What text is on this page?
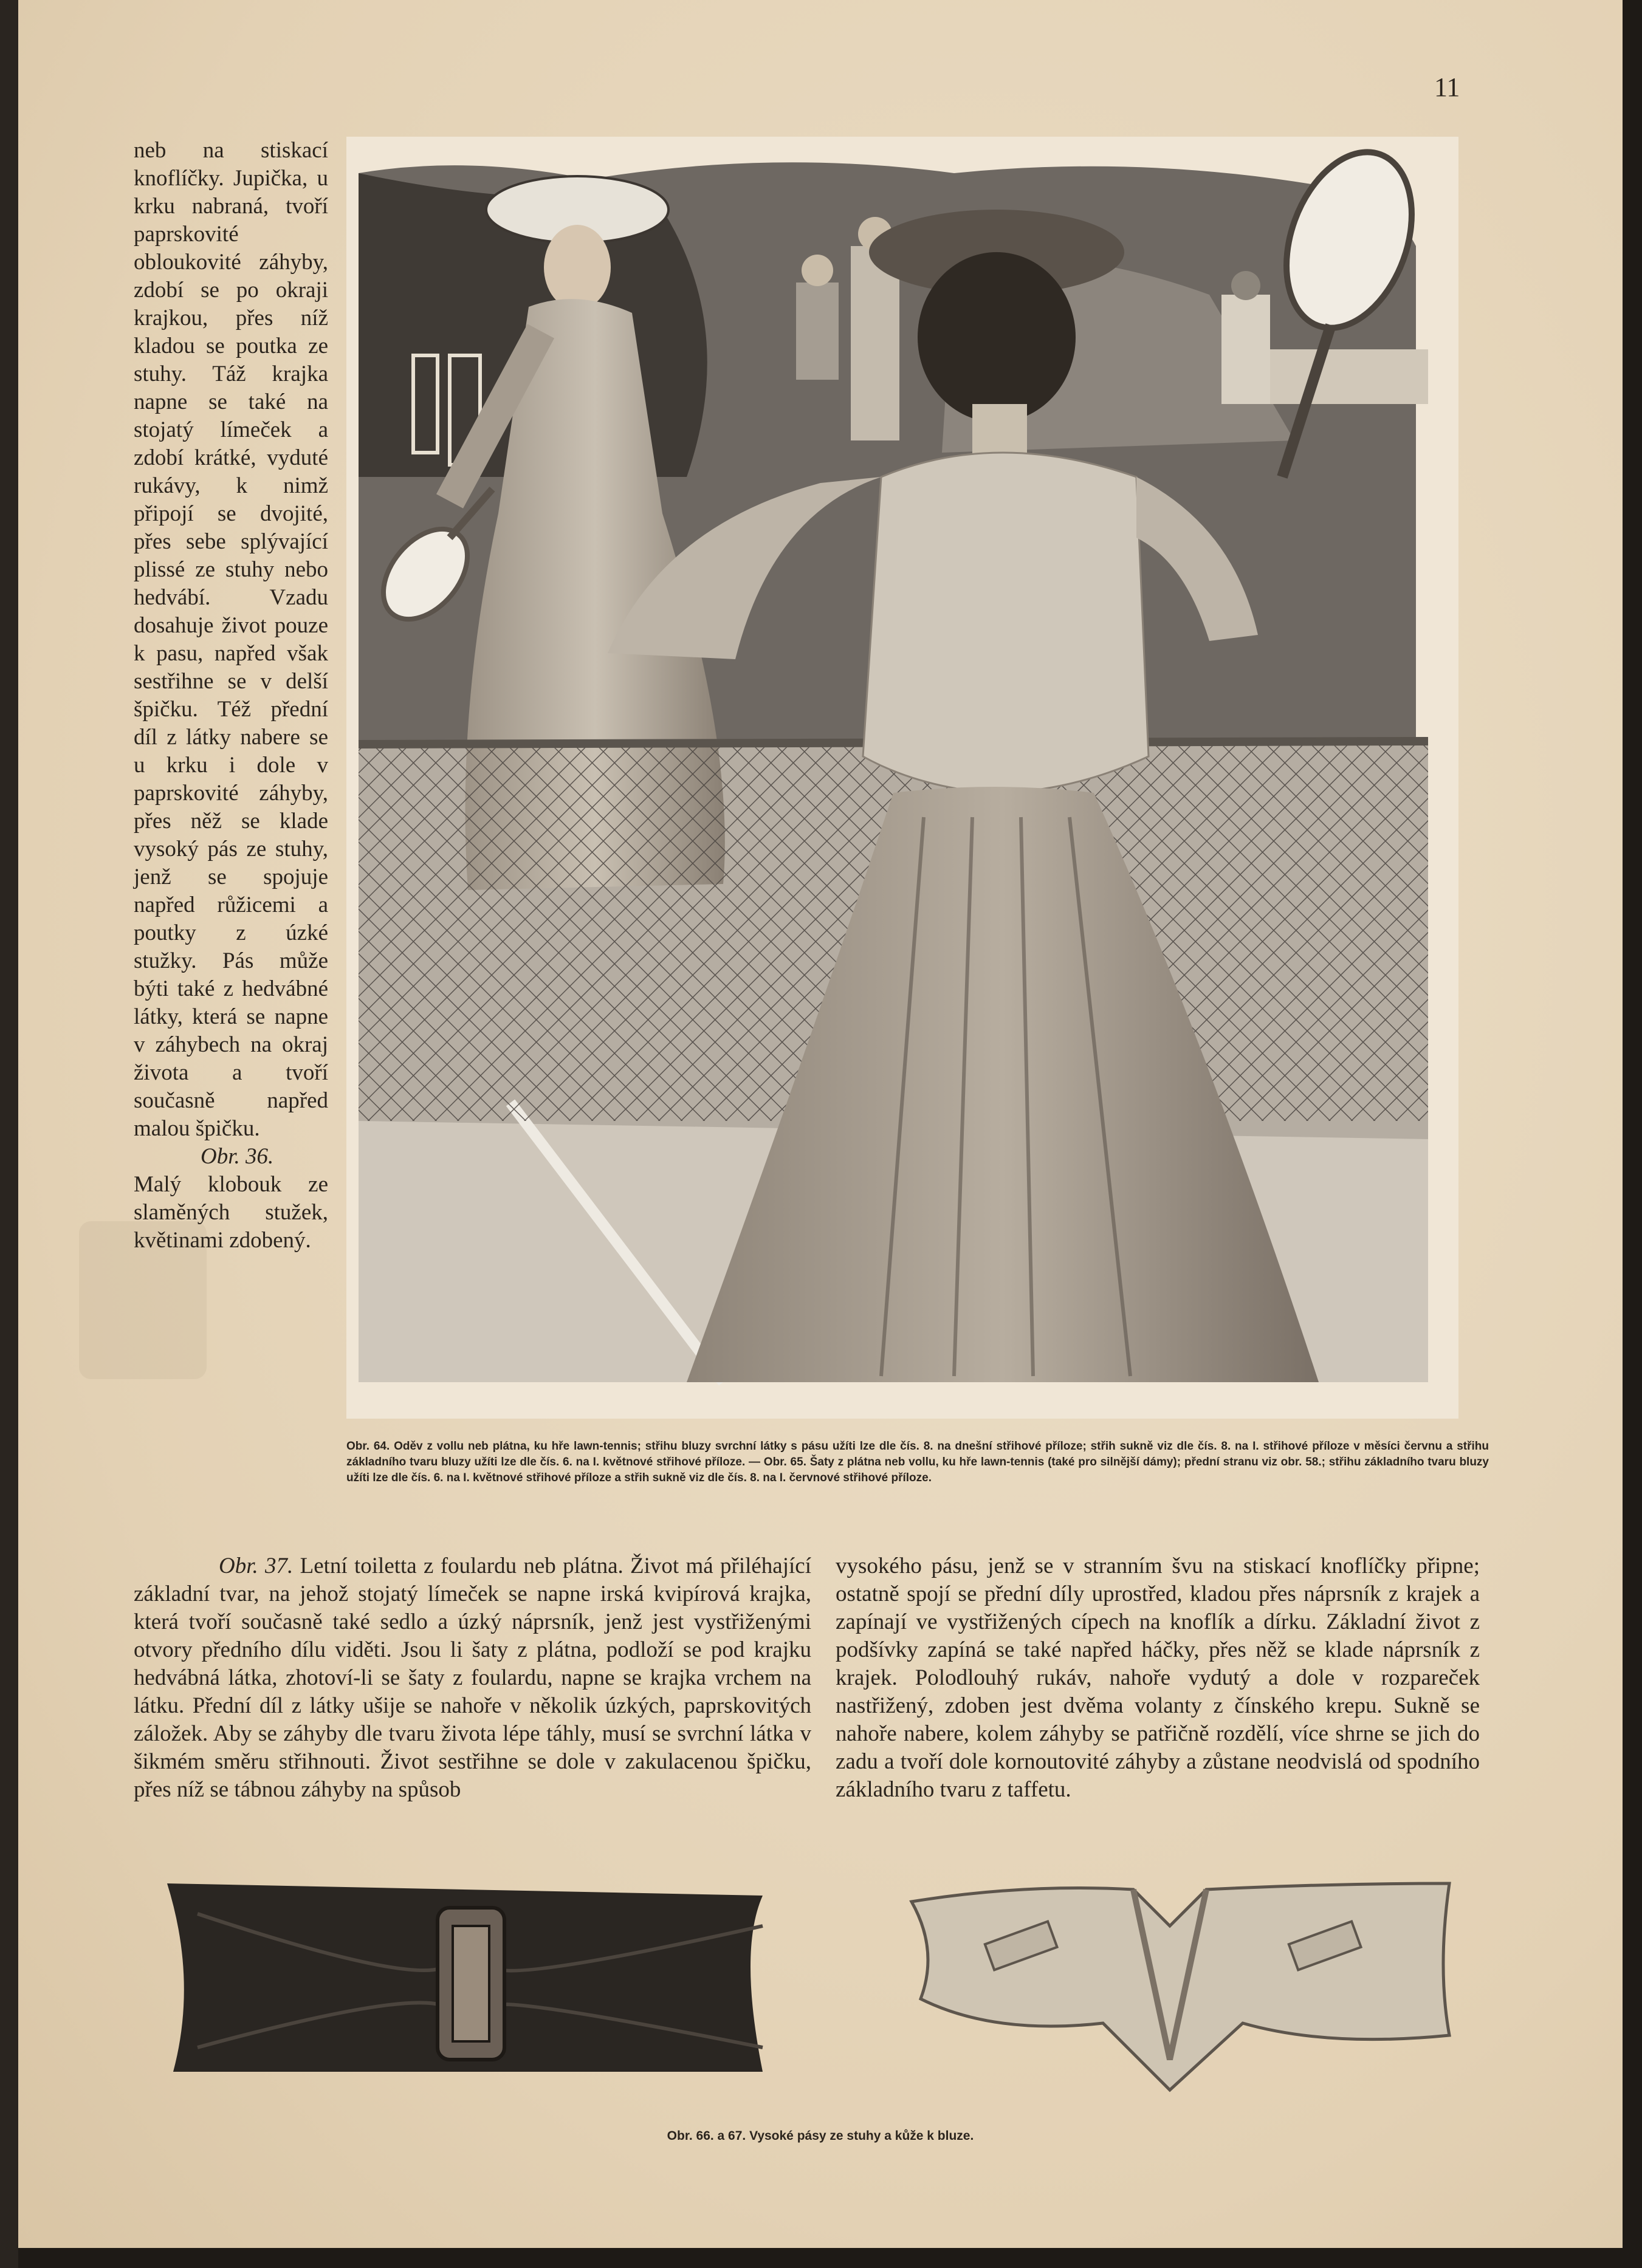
11

neb na stiskací knoflíčky. Jupička, u krku nabraná, tvoří paprskovité obloukovité záhyby, zdobí se po okraji krajkou, přes níž kladou se poutka ze stuhy. Táž krajka napne se také na stojatý límeček a zdobí krátké, vyduté rukávy, k nimž připojí se dvojité, přes sebe splývající plissé ze stuhy nebo hedvábí. Vzadu dosahuje život pouze k pasu, napřed však sestřihne se v delší špičku. Též přední díl z látky nabere se u krku i dole v paprskovité záhyby, přes něž se klade vysoký pás ze stuhy, jenž se spojuje napřed růžicemi a poutky z úzké stužky. Pás může býti také z hedvábné látky, která se napne v záhybech na okraj života a tvoří současně napřed malou špičku.

Obr. 36.

Malý klobouk ze slaměných stužek, květinami zdobený.

Obr. 64. Oděv z vollu neb plátna, ku hře lawn-tennis; střihu bluzy svrchní látky s pásu užíti lze dle čís. 8. na dnešní střihové příloze; střih sukně viz dle čís. 8. na I. střihové příloze v měsíci červnu a střihu základního tvaru bluzy užíti lze dle čís. 6. na I. květnové střihové příloze. — Obr. 65. Šaty z plátna neb vollu, ku hře lawn-tennis (také pro silnější dámy); přední stranu viz obr. 58.; střihu základního tvaru bluzy užíti lze dle čís. 6. na I. květnové střihové příloze a střih sukně viz dle čís. 8. na I. červnové střihové příloze.
Obr. 37. Letní toiletta z foulardu neb plátna. Život má přiléhající základní tvar, na jehož stojatý límeček se napne irská kvipírová krajka, která tvoří současně také sedlo a úzký náprsník, jenž jest vystřiženými otvory předního dílu viděti. Jsou li šaty z plátna, podloží se pod krajku hedvábná látka, zhotoví-li se šaty z foulardu, napne se krajka vrchem na látku. Přední díl z látky ušije se nahoře v několik úzkých, paprskovitých záložek. Aby se záhyby dle tvaru života lépe táhly, musí se svrchní látka v šikmém směru střihnouti. Život sestřihne se dole v zakulacenou špičku, přes níž se tábnou záhyby na spůsob
vysokého pásu, jenž se v stranním švu na stiskací knoflíčky připne; ostatně spojí se přední díly uprostřed, kladou přes náprsník z krajek a zapínají ve vystřižených cípech na knoflík a dírku. Základní život z podšívky zapíná se také napřed háčky, přes něž se klade náprsník z krajek. Polodlouhý rukáv, nahoře vydutý a dole v rozpareček nastřižený, zdoben jest dvěma volanty z čínského krepu. Sukně se nahoře nabere, kolem záhyby se patřičně rozdělí, více shrne se jich do zadu a tvoří dole kornoutovité záhyby a zůstane neodvislá od spodního základního tvaru z taffetu.
Obr. 66. a 67. Vysoké pásy ze stuhy a kůže k bluze.
